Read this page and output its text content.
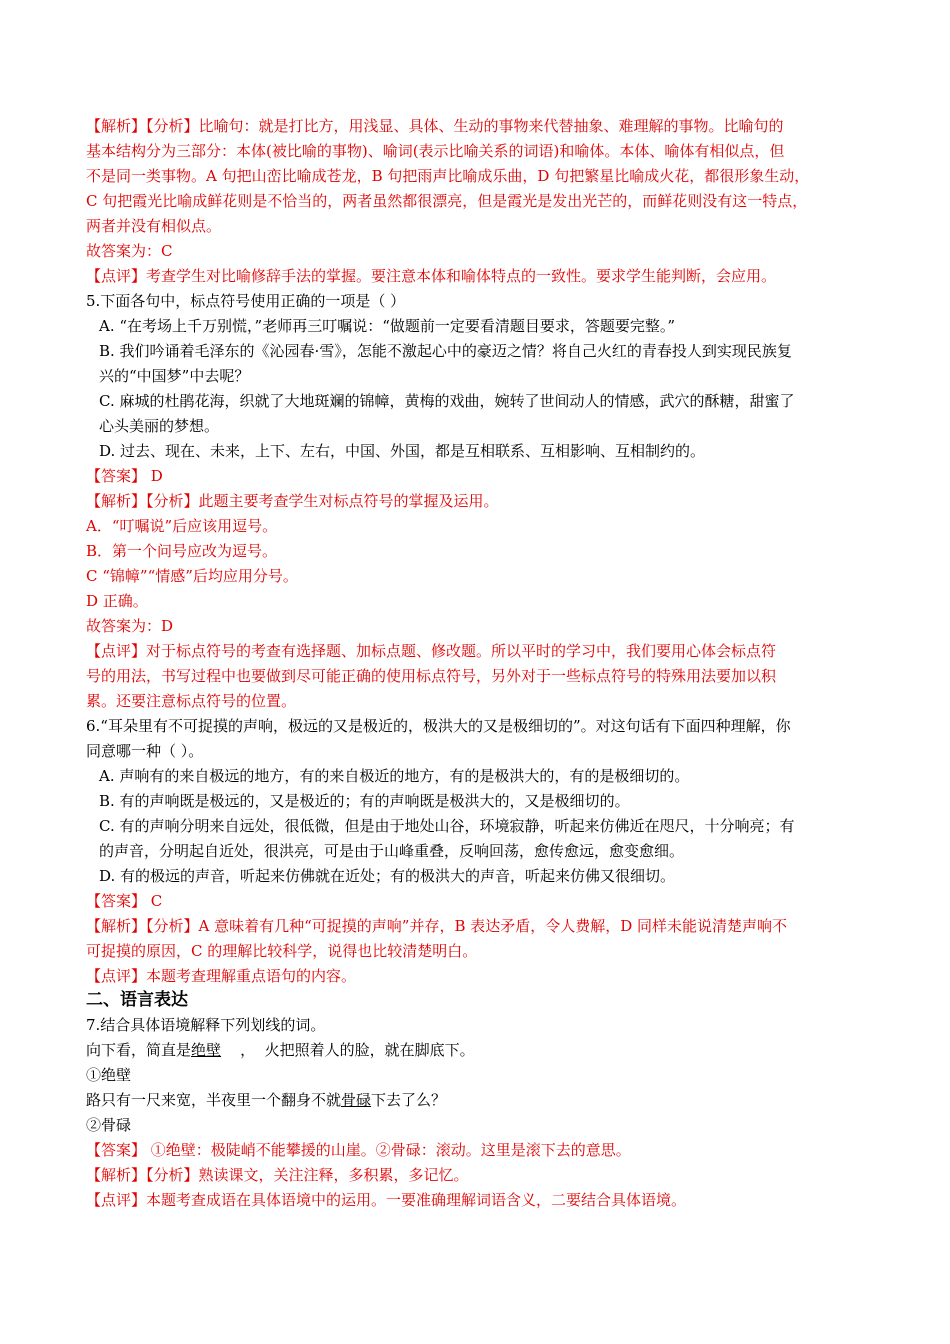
【解析】【分析】比喻句：就是打比方，用浅显、具体、生动的事物来代替抽象、难理解的事物。比喻句的

基本结构分为三部分：本体(被比喻的事物)、喻词(表示比喻关系的词语)和喻体。本体、喻体有相似点，但

不是同一类事物。A 句把山峦比喻成苍龙，B 句把雨声比喻成乐曲，D 句把繁星比喻成火花，都很形象生动，

C 句把霞光比喻成鲜花则是不恰当的，两者虽然都很漂亮，但是霞光是发出光芒的，而鲜花则没有这一特点，

两者并没有相似点。

故答案为：C

【点评】考查学生对比喻修辞手法的掌握。要注意本体和喻体特点的一致性。要求学生能判断，会应用。

5.下面各句中，标点符号使用正确的一项是（ ）

A. “在考场上千万别慌，”老师再三叮嘱说：“做题前一定要看清题目要求，答题要完整。”

B. 我们吟诵着毛泽东的《沁园春·雪》，怎能不激起心中的豪迈之情？将自己火红的青春投人到实现民族复

兴的“中国梦”中去呢？

C. 麻城的杜鹃花海，织就了大地斑斓的锦幛，黄梅的戏曲，婉转了世间动人的情感，武穴的酥糖，甜蜜了

心头美丽的梦想。

D. 过去、现在、未来，上下、左右，中国、外国，都是互相联系、互相影响、互相制约的。

【答案】 D

【解析】【分析】此题主要考查学生对标点符号的掌握及运用。

A．“叮嘱说”后应该用逗号。

B．第一个问号应改为逗号。

C “锦幛”“情感”后均应用分号。

D 正确。

故答案为：D

【点评】对于标点符号的考查有选择题、加标点题、修改题。所以平时的学习中，我们要用心体会标点符

号的用法，书写过程中也要做到尽可能正确的使用标点符号，另外对于一些标点符号的特殊用法要加以积

累。还要注意标点符号的位置。

6.“耳朵里有不可捉摸的声响，极远的又是极近的，极洪大的又是极细切的”。对这句话有下面四种理解，你

同意哪一种（ ）。

A. 声响有的来自极远的地方，有的来自极近的地方，有的是极洪大的，有的是极细切的。

B. 有的声响既是极远的，又是极近的；有的声响既是极洪大的，又是极细切的。

C. 有的声响分明来自远处，很低微，但是由于地处山谷，环境寂静，听起来仿佛近在咫尺，十分响亮；有

的声音，分明起自近处，很洪亮，可是由于山峰重叠，反响回荡，愈传愈远，愈变愈细。

D. 有的极远的声音，听起来仿佛就在近处；有的极洪大的声音，听起来仿佛又很细切。

【答案】 C

【解析】【分析】A 意味着有几种“可捉摸的声响”并存，B 表达矛盾，令人费解，D 同样未能说清楚声响不

可捉摸的原因，C 的理解比较科学，说得也比较清楚明白。

【点评】本题考查理解重点语句的内容。

二、语言表达

7.结合具体语境解释下列划线的词。

向下看，简直是绝壁    ，  火把照着人的脸，就在脚底下。

①绝壁

路只有一尺来宽，半夜里一个翻身不就骨碌下去了么？

②骨碌

【答案】 ①绝壁：极陡峭不能攀援的山崖。②骨碌：滚动。这里是滚下去的意思。

【解析】【分析】熟读课文，关注注释，多积累，多记忆。

【点评】本题考查成语在具体语境中的运用。一要准确理解词语含义，二要结合具体语境。
